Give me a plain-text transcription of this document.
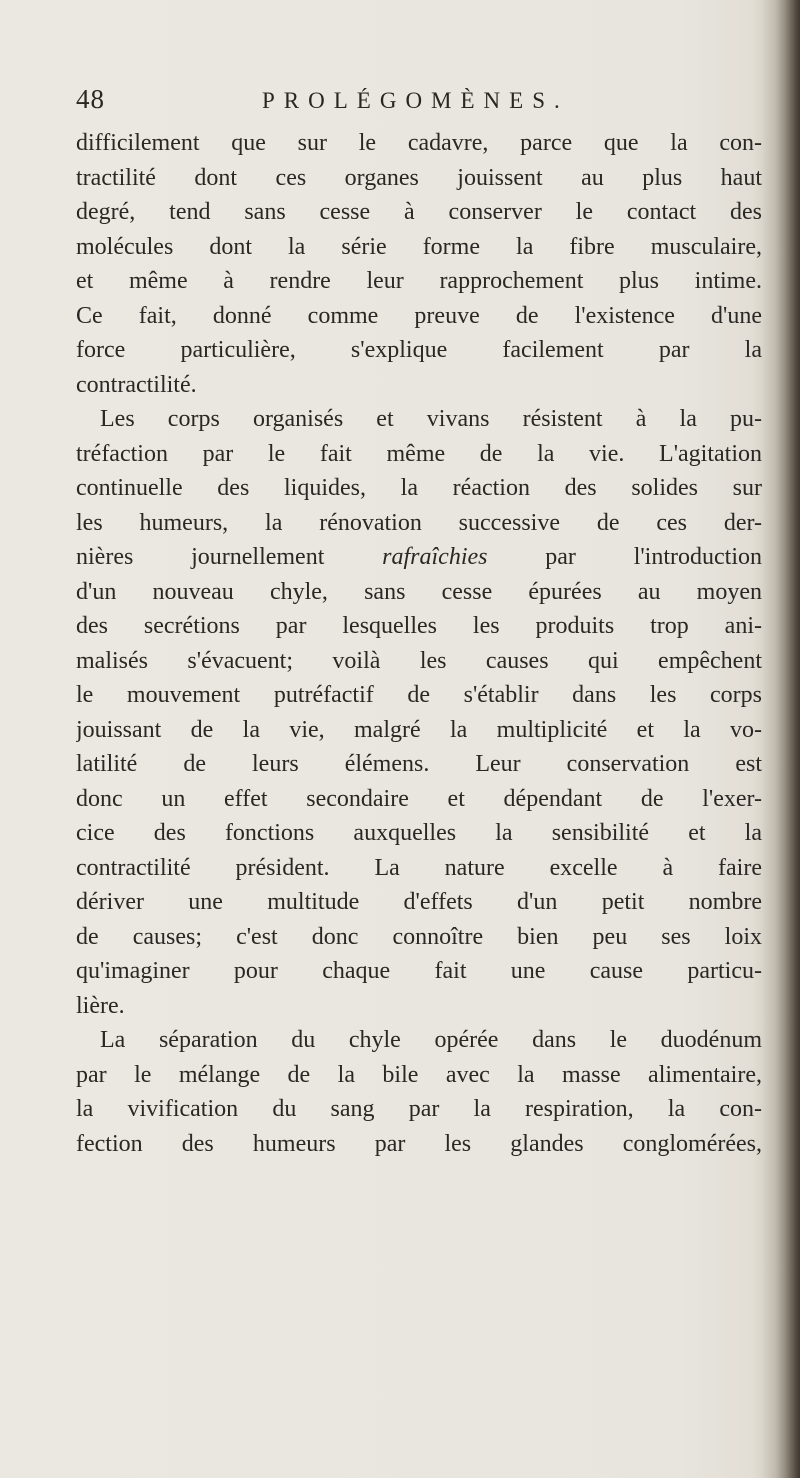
48	PROLÉGOMÈNES.
difficilement que sur le cadavre, parce que la con-
tractilité dont ces organes jouissent au plus haut
degré, tend sans cesse à conserver le contact des
molécules dont la série forme la fibre musculaire,
et même à rendre leur rapprochement plus intime.
Ce fait, donné comme preuve de l'existence d'une
force particulière, s'explique facilement par la
contractilité.
Les corps organisés et vivans résistent à la pu-
tréfaction par le fait même de la vie. L'agitation
continuelle des liquides, la réaction des solides sur
les humeurs, la rénovation successive de ces der-
nières journellement rafraîchies par l'introduction
d'un nouveau chyle, sans cesse épurées au moyen
des secrétions par lesquelles les produits trop ani-
malisés s'évacuent; voilà les causes qui empêchent
le mouvement putréfactif de s'établir dans les corps
jouissant de la vie, malgré la multiplicité et la vo-
latilité de leurs élémens. Leur conservation est
donc un effet secondaire et dépendant de l'exer-
cice des fonctions auxquelles la sensibilité et la
contractilité président. La nature excelle à faire
dériver une multitude d'effets d'un petit nombre
de causes; c'est donc connoître bien peu ses loix
qu'imaginer pour chaque fait une cause particu-
lière.
La séparation du chyle opérée dans le duodénum
par le mélange de la bile avec la masse alimentaire,
la vivification du sang par la respiration, la con-
fection des humeurs par les glandes conglomérées,
